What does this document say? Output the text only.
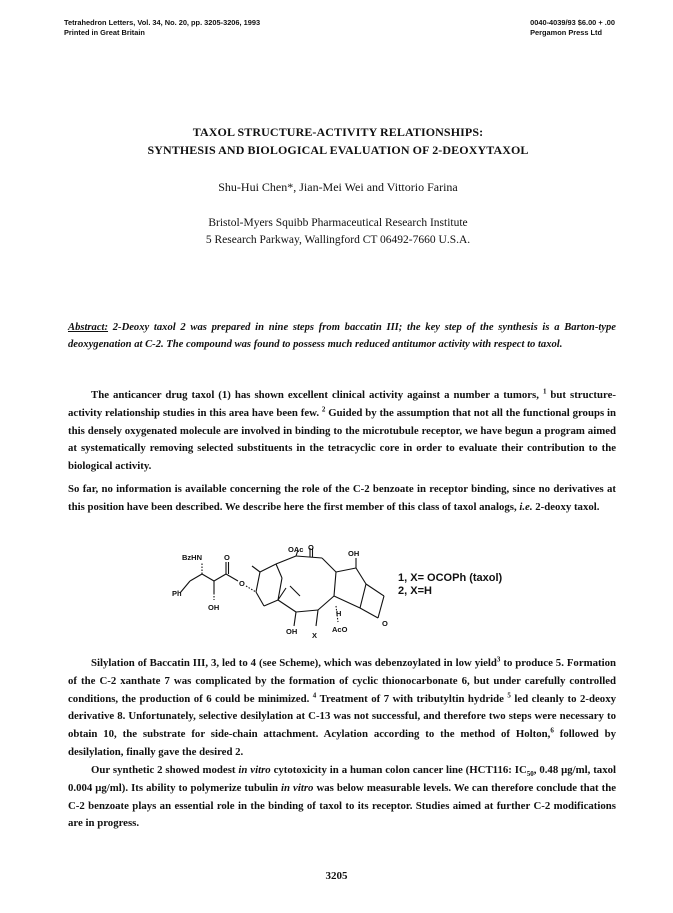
Tetrahedron Letters, Vol. 34, No. 20, pp. 3205-3206, 1993
Printed in Great Britain
0040-4039/93 $6.00 + .00
Pergamon Press Ltd
TAXOL STRUCTURE-ACTIVITY RELATIONSHIPS:
SYNTHESIS AND BIOLOGICAL EVALUATION OF 2-DEOXYTAXOL
Shu-Hui Chen*, Jian-Mei Wei and Vittorio Farina
Bristol-Myers Squibb Pharmaceutical Research Institute
5 Research Parkway, Wallingford CT 06492-7660 U.S.A.
Abstract: 2-Deoxy taxol 2 was prepared in nine steps from baccatin III; the key step of the synthesis is a Barton-type deoxygenation at C-2. The compound was found to possess much reduced antitumor activity with respect to taxol.
The anticancer drug taxol (1) has shown excellent clinical activity against a number a tumors, $^1$ but structure-activity relationship studies in this area have been few. $^2$ Guided by the assumption that not all the functional groups in this densely oxygenated molecule are involved in binding to the microtubule receptor, we have begun a program aimed at systematically removing selected substituents in the tetracyclic core in order to evaluate their contribution to the biological activity.
So far, no information is available concerning the role of the C-2 benzoate in receptor binding, since no derivatives at this position have been described. We describe here the first member of this class of taxol analogs, i.e. 2-deoxy taxol.
BzHN	O
Ph
O
OH
OAc O
OH
OH X
AcO
O
H
1, X= OCOPh (taxol)
2, X=H
Silylation of Baccatin III, 3, led to 4 (see Scheme), which was debenzoylated in low yield$^3$ to produce 5. Formation of the C-2 xanthate 7 was complicated by the formation of cyclic thionocarbonate 6, but under carefully controlled conditions, the production of 6 could be minimized. $^4$ Treatment of 7 with tributyltin hydride $^5$ led cleanly to 2-deoxy derivative 8. Unfortunately, selective desilylation at C-13 was not successful, and therefore two steps were necessary to obtain 10, the substrate for side-chain attachment. Acylation according to the method of Holton,$^6$ followed by desilylation, finally gave the desired 2.
Our synthetic 2 showed modest in vitro cytotoxicity in a human colon cancer line (HCT116: $IC_{50}$, 0.48 μg/ml, taxol 0.004 μg/ml). Its ability to polymerize tubulin in vitro was below measurable levels. We can therefore conclude that the C-2 benzoate plays an essential role in the binding of taxol to its receptor. Studies aimed at further C-2 modifications are in progress.
3205
